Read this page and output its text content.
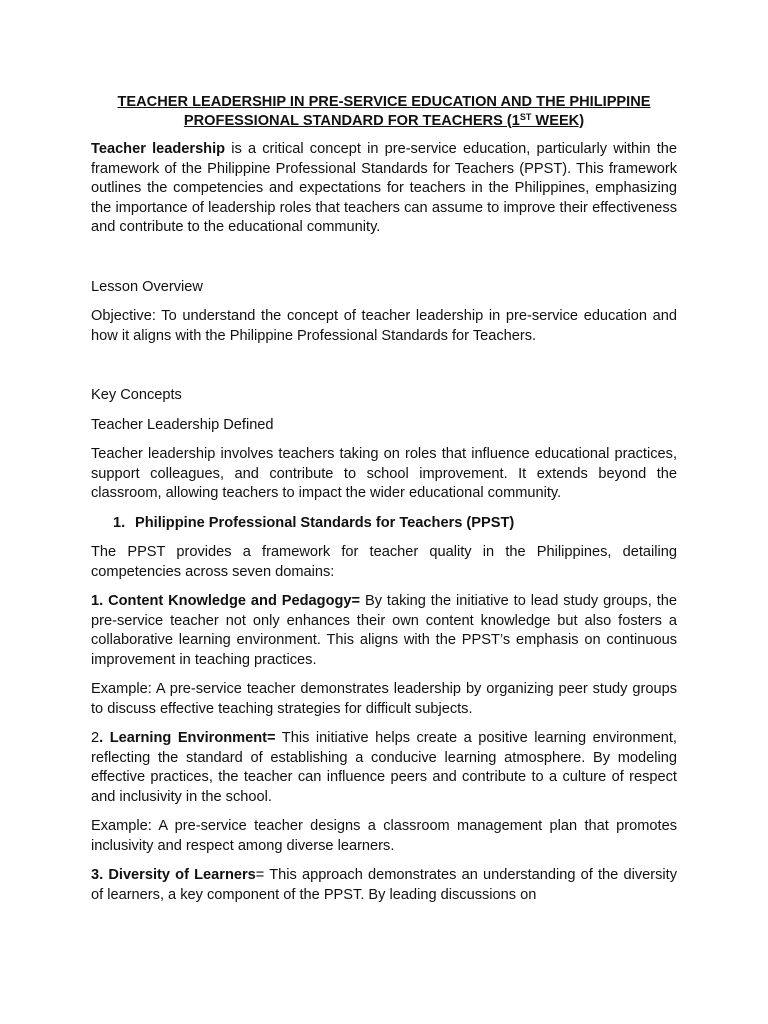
TEACHER LEADERSHIP IN PRE-SERVICE EDUCATION AND THE PHILIPPINE
PROFESSIONAL STANDARD FOR TEACHERS (1ST WEEK)

Teacher leadership is a critical concept in pre-service education, particularly within the framework of the Philippine Professional Standards for Teachers (PPST). This framework outlines the competencies and expectations for teachers in the Philippines, emphasizing the importance of leadership roles that teachers can assume to improve their effectiveness and contribute to the educational community.

Lesson Overview

Objective: To understand the concept of teacher leadership in pre-service education and how it aligns with the Philippine Professional Standards for Teachers.

Key Concepts

Teacher Leadership Defined

Teacher leadership involves teachers taking on roles that influence educational practices, support colleagues, and contribute to school improvement. It extends beyond the classroom, allowing teachers to impact the wider educational community.

1. Philippine Professional Standards for Teachers (PPST)

The PPST provides a framework for teacher quality in the Philippines, detailing competencies across seven domains:

1. Content Knowledge and Pedagogy= By taking the initiative to lead study groups, the pre-service teacher not only enhances their own content knowledge but also fosters a collaborative learning environment. This aligns with the PPST’s emphasis on continuous improvement in teaching practices.

Example: A pre-service teacher demonstrates leadership by organizing peer study groups to discuss effective teaching strategies for difficult subjects.

2. Learning Environment= This initiative helps create a positive learning environment, reflecting the standard of establishing a conducive learning atmosphere. By modeling effective practices, the teacher can influence peers and contribute to a culture of respect and inclusivity in the school.

Example: A pre-service teacher designs a classroom management plan that promotes inclusivity and respect among diverse learners.

3. Diversity of Learners= This approach demonstrates an understanding of the diversity of learners, a key component of the PPST. By leading discussions on
